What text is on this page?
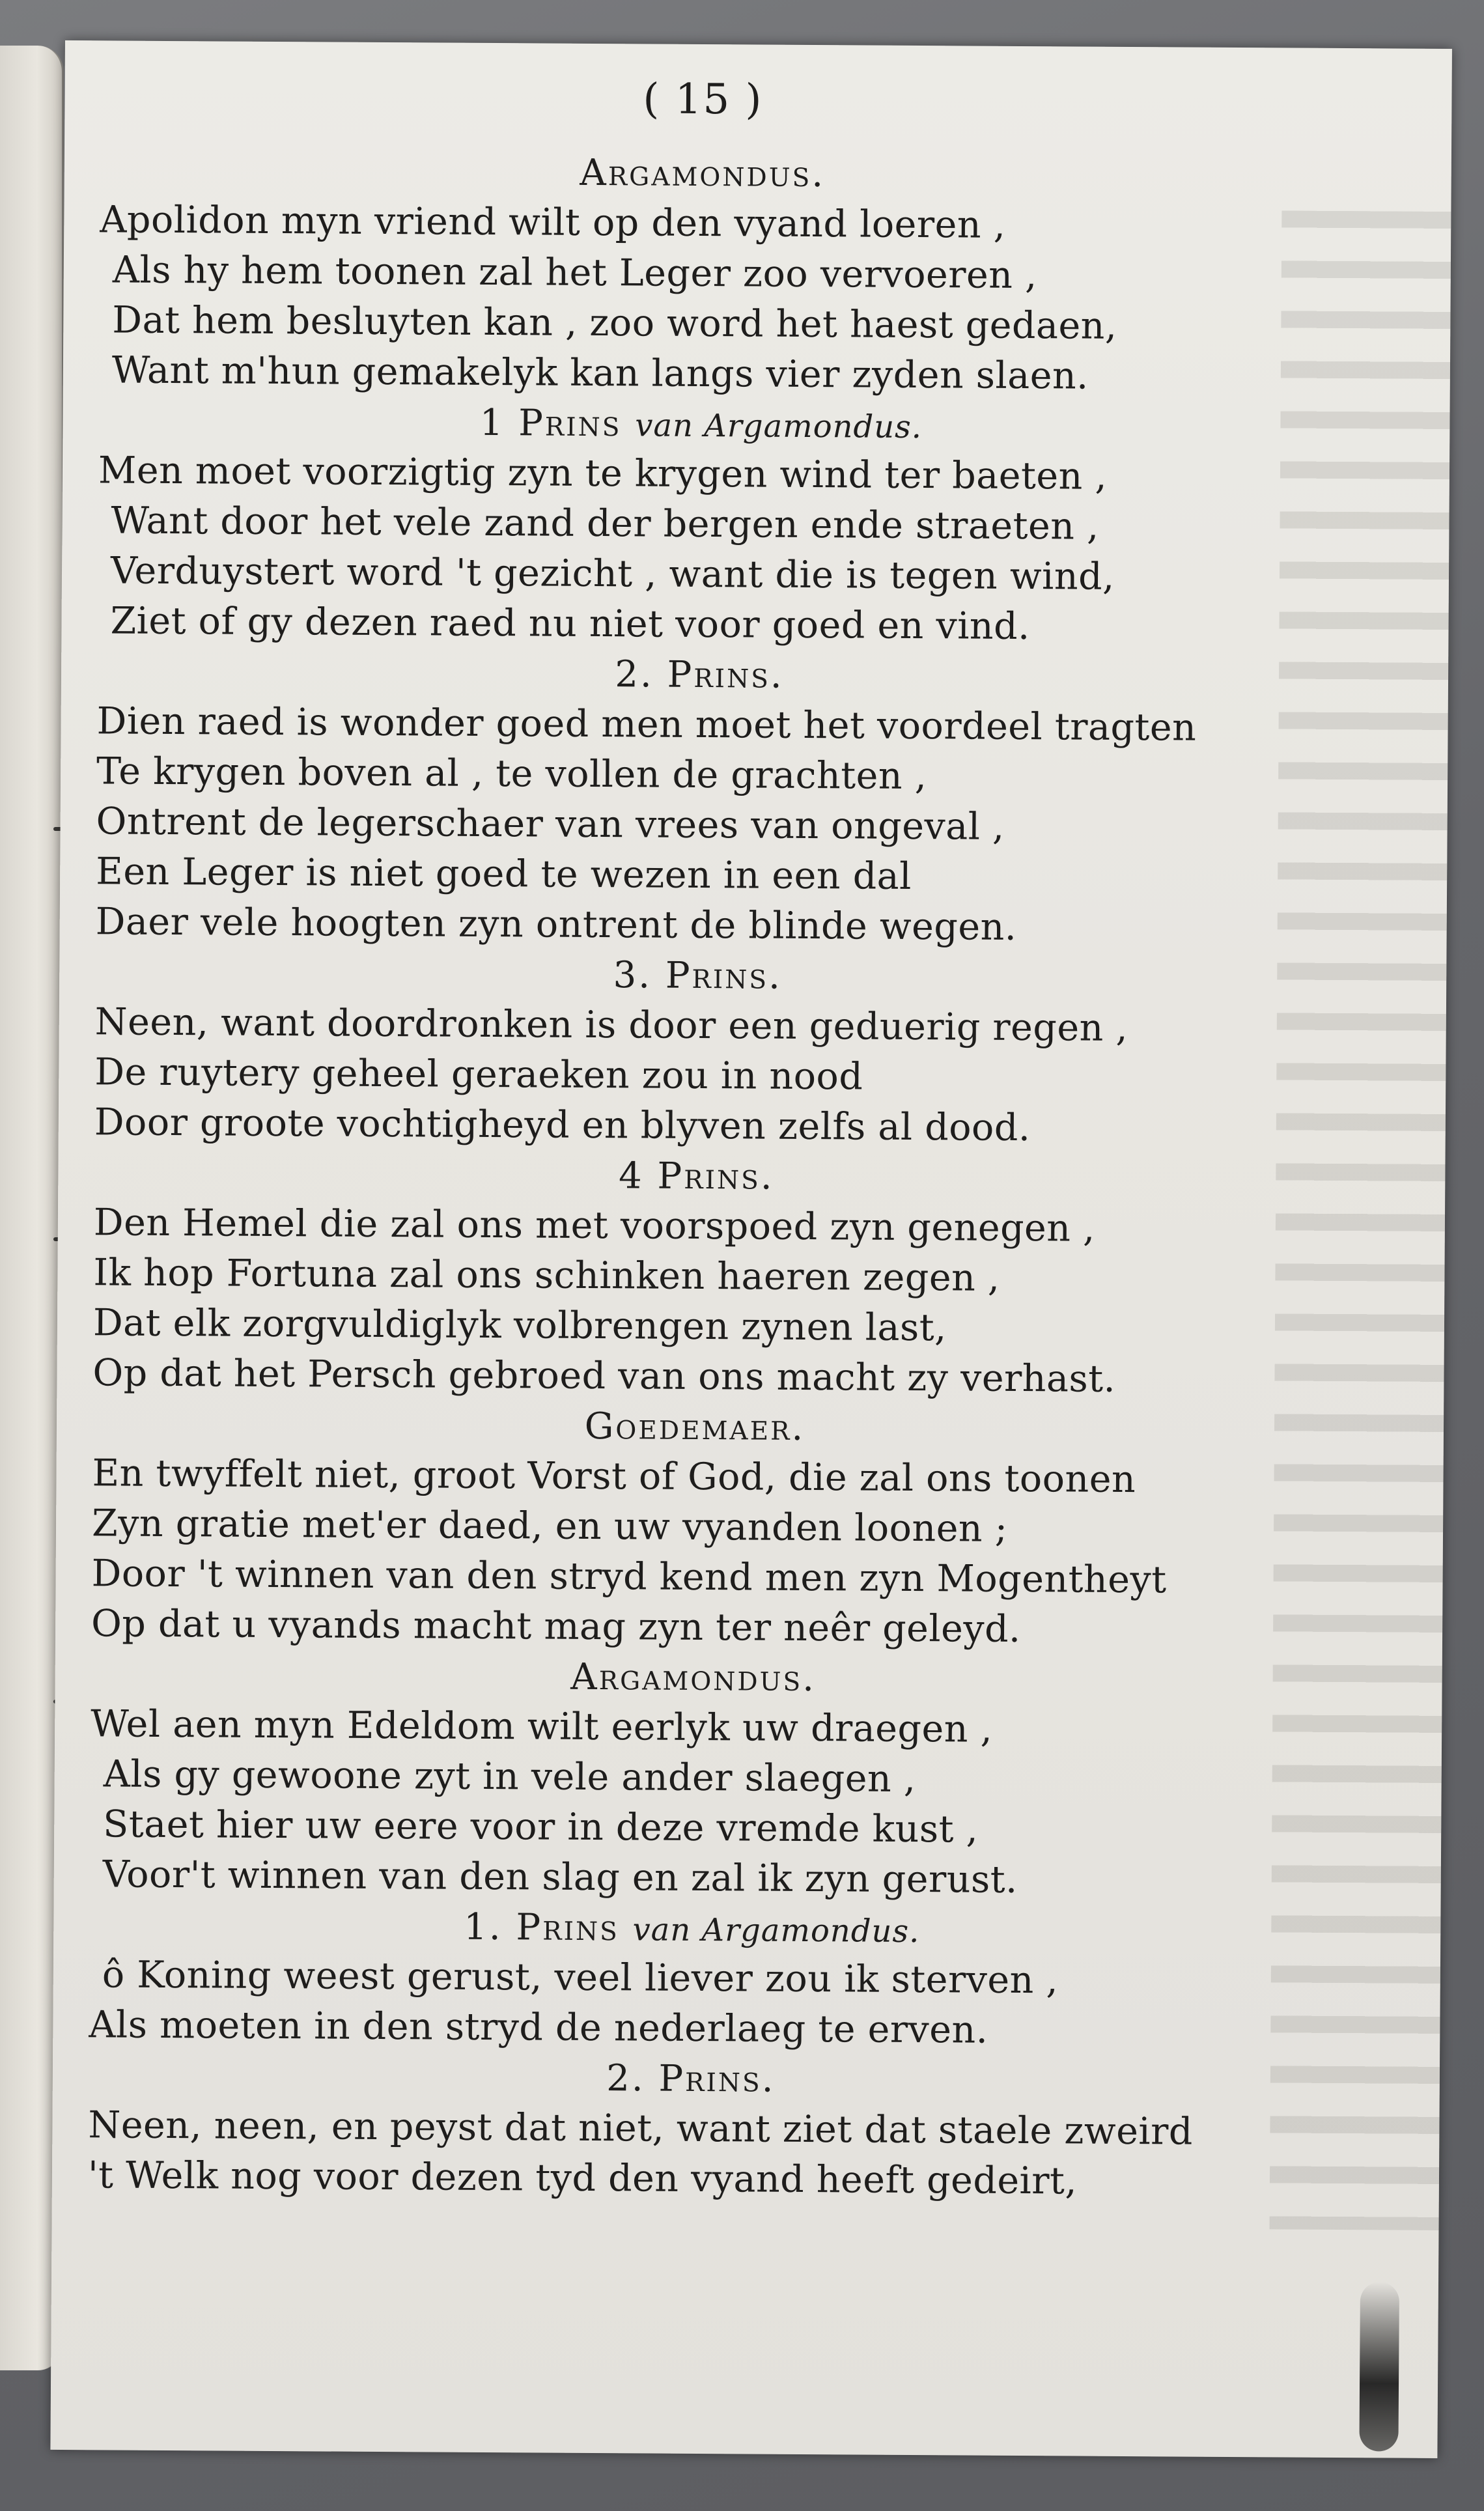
( 15 )
Argamondus.
Apolidon myn vriend wilt op den vyand loeren ,
Als hy hem toonen zal het Leger zoo vervoeren ,
Dat hem besluyten kan , zoo word het haest gedaen,
Want m'hun gemakelyk kan langs vier zyden slaen.
1 Prins van Argamondus.
Men moet voorzigtig zyn te krygen wind ter baeten ,
Want door het vele zand der bergen ende straeten ,
Verduystert word 't gezicht , want die is tegen wind,
Ziet of gy dezen raed nu niet voor goed en vind.
2. Prins.
Dien raed is wonder goed men moet het voordeel tragten
Te krygen boven al , te vollen de grachten ,
Ontrent de legerschaer van vrees van ongeval ,
Een Leger is niet goed te wezen in een dal
Daer vele hoogten zyn ontrent de blinde wegen.
3. Prins.
Neen, want doordronken is door een geduerig regen ,
De ruytery geheel geraeken zou in nood
Door groote vochtigheyd en blyven zelfs al dood.
4 Prins.
Den Hemel die zal ons met voorspoed zyn genegen ,
Ik hop Fortuna zal ons schinken haeren zegen ,
Dat elk zorgvuldiglyk volbrengen zynen last,
Op dat het Persch gebroed van ons macht zy verhast.
Goedemaer.
En twyffelt niet, groot Vorst of God, die zal ons toonen
Zyn gratie met'er daed, en uw vyanden loonen ;
Door 't winnen van den stryd kend men zyn Mogentheyt
Op dat u vyands macht mag zyn ter neêr geleyd.
Argamondus.
Wel aen myn Edeldom wilt eerlyk uw draegen ,
Als gy gewoone zyt in vele ander slaegen ,
Staet hier uw eere voor in deze vremde kust ,
Voor't winnen van den slag en zal ik zyn gerust.
1. Prins van Argamondus.
ô Koning weest gerust, veel liever zou ik sterven ,
Als moeten in den stryd de nederlaeg te erven.
2. Prins.
Neen, neen, en peyst dat niet, want ziet dat staele zweird
't Welk nog voor dezen tyd den vyand heeft gedeirt,
